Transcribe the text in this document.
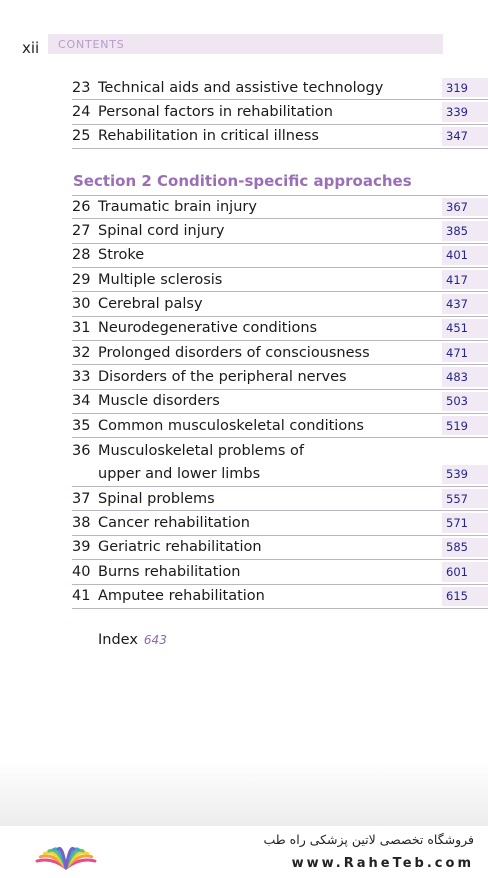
xii CONTENTS
23 Technical aids and assistive technology	319
24 Personal factors in rehabilitation	339
25 Rehabilitation in critical illness	347
Section 2 Condition-specific approaches
26 Traumatic brain injury	367
27 Spinal cord injury	385
28 Stroke	401
29 Multiple sclerosis	417
30 Cerebral palsy	437
31 Neurodegenerative conditions	451
32 Prolonged disorders of consciousness	471
33 Disorders of the peripheral nerves	483
34 Muscle disorders	503
35 Common musculoskeletal conditions	519
36 Musculoskeletal problems of
upper and lower limbs	539
37 Spinal problems	557
38 Cancer rehabilitation	571
39 Geriatric rehabilitation	585
40 Burns rehabilitation	601
41 Amputee rehabilitation	615
Index 643
فروشگاه تخصصی لاتین پزشکی راه طب
www.RaheTeb.com
